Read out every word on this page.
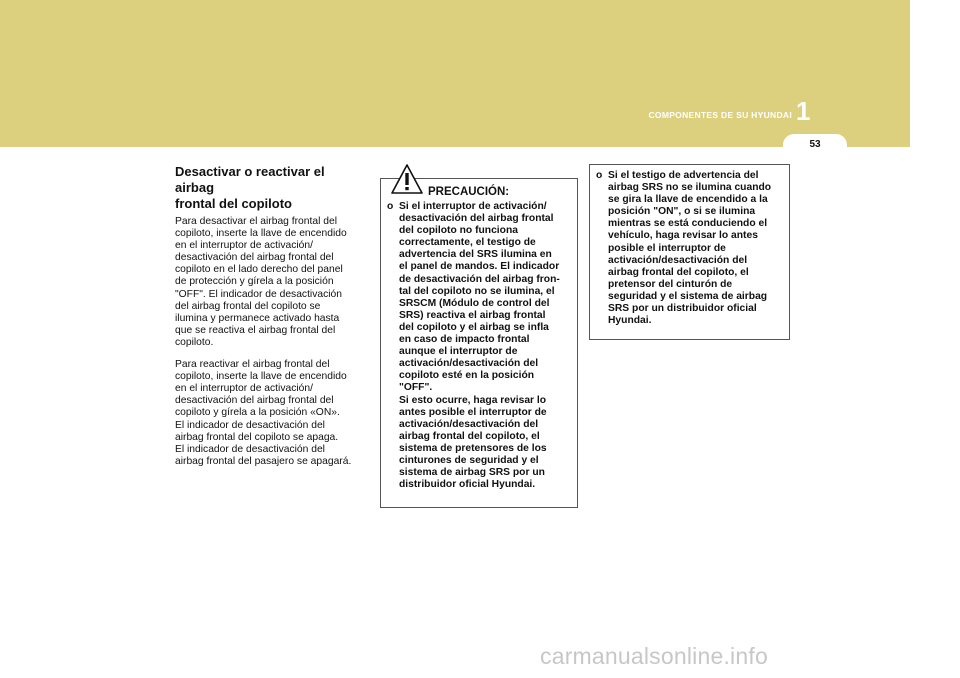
COMPONENTES DE SU HYUNDAI 1
53
Desactivar o reactivar el airbag
frontal del copiloto
Para desactivar el airbag frontal del
copiloto, inserte la llave de encendido
en el interruptor de activación/
desactivación del airbag frontal del
copiloto en el lado derecho del panel
de protección y gírela a la posición
"OFF". El indicador de desactivación
del airbag frontal del copiloto se
ilumina y permanece activado hasta
que se reactiva el airbag frontal del
copiloto.
Para reactivar el airbag frontal del
copiloto, inserte la llave de encendido
en el interruptor de activación/
desactivación del airbag frontal del
copiloto y gírela a la posición «ON».
El indicador de desactivación del
airbag frontal del copiloto se apaga.
El indicador de desactivación del
airbag frontal del pasajero se apagará.
PRECAUCIÓN:
o Si el interruptor de activación/
desactivación del airbag frontal
del copiloto no funciona
correctamente, el testigo de
advertencia del SRS ilumina en
el panel de mandos. El indicador
de desactivación del airbag fron-
tal del copiloto no se ilumina, el
SRSCM (Módulo de control del
SRS) reactiva el airbag frontal
del copiloto y el airbag se infla
en caso de impacto frontal
aunque el interruptor de
activación/desactivación del
copiloto esté en la posición
"OFF".
Si esto ocurre, haga revisar lo
antes posible el interruptor de
activación/desactivación del
airbag frontal del copiloto, el
sistema de pretensores de los
cinturones de seguridad y el
sistema de airbag SRS por un
distribuidor oficial Hyundai.
o Si el testigo de advertencia del
airbag SRS no se ilumina cuando
se gira la llave de encendido a la
posición "ON", o si se ilumina
mientras se está conduciendo el
vehículo, haga revisar lo antes
posible el interruptor de
activación/desactivación del
airbag frontal del copiloto, el
pretensor del cinturón de
seguridad y el sistema de airbag
SRS por un distribuidor oficial
Hyundai.
carmanualsonline.info
